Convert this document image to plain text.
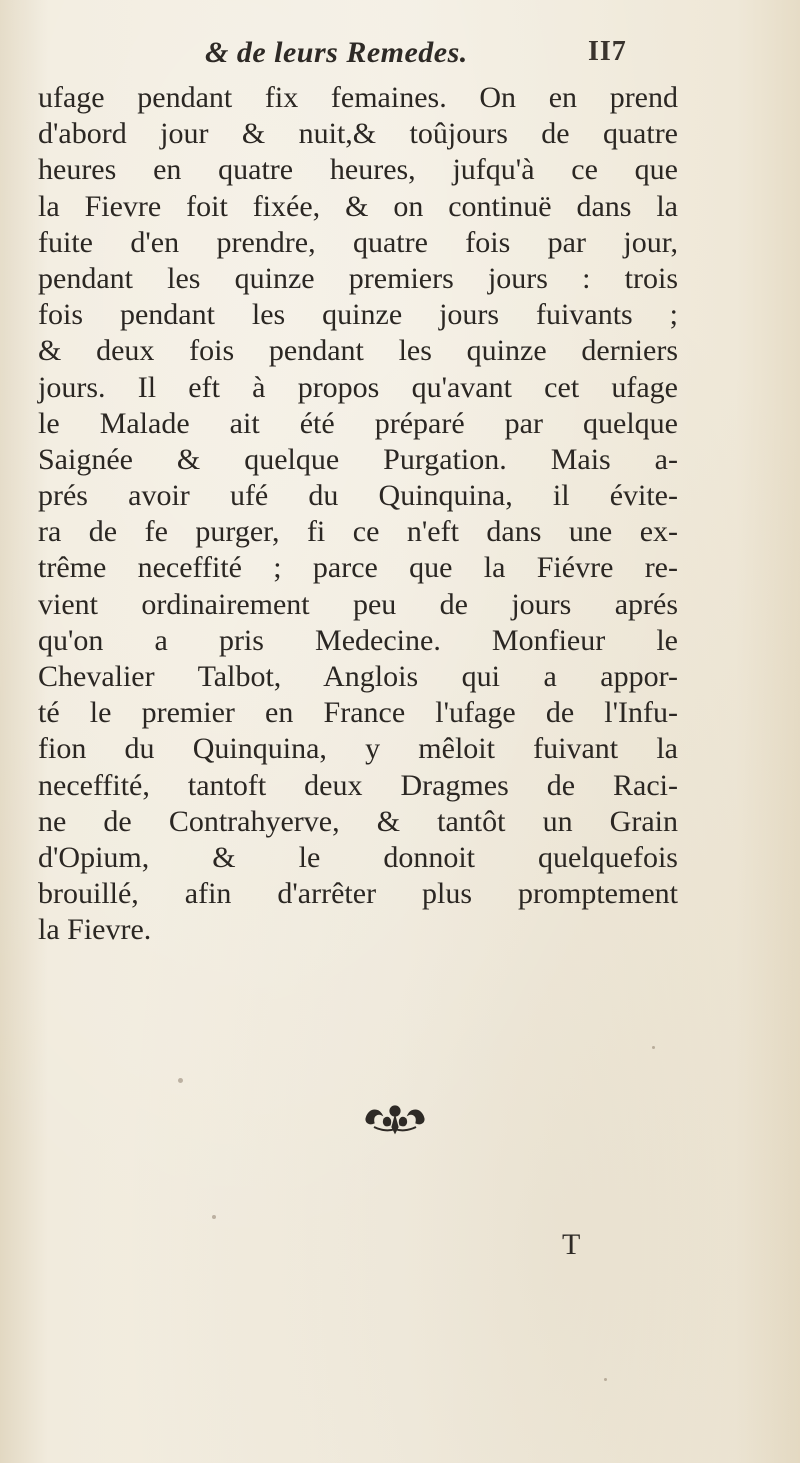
& de leurs Remedes.	II7
ufage pendant fix femaines. On en prend
d'abord jour & nuit,& toûjours de quatre
heures en quatre heures, jufqu'à ce que
la Fievre foit fixée, & on continuë dans la
fuite d'en prendre, quatre fois par jour,
pendant les quinze premiers jours : trois
fois pendant les quinze jours fuivants ;
& deux fois pendant les quinze derniers
jours. Il eft à propos qu'avant cet ufage
le Malade ait été préparé par quelque
Saignée & quelque Purgation. Mais a-
prés avoir ufé du Quinquina, il évite-
ra de fe purger, fi ce n'eft dans une ex-
trême neceffité ; parce que la Fiévre re-
vient ordinairement peu de jours aprés
qu'on a pris Medecine. Monfieur le
Chevalier Talbot, Anglois qui a appor-
té le premier en France l'ufage de l'Infu-
fion du Quinquina, y mêloit fuivant la
neceffité, tantoft deux Dragmes de Raci-
ne de Contrahyerve, & tantôt un Grain
d'Opium, & le donnoit quelquefois
brouillé, afin d'arrêter plus promptement
la Fievre.
T
